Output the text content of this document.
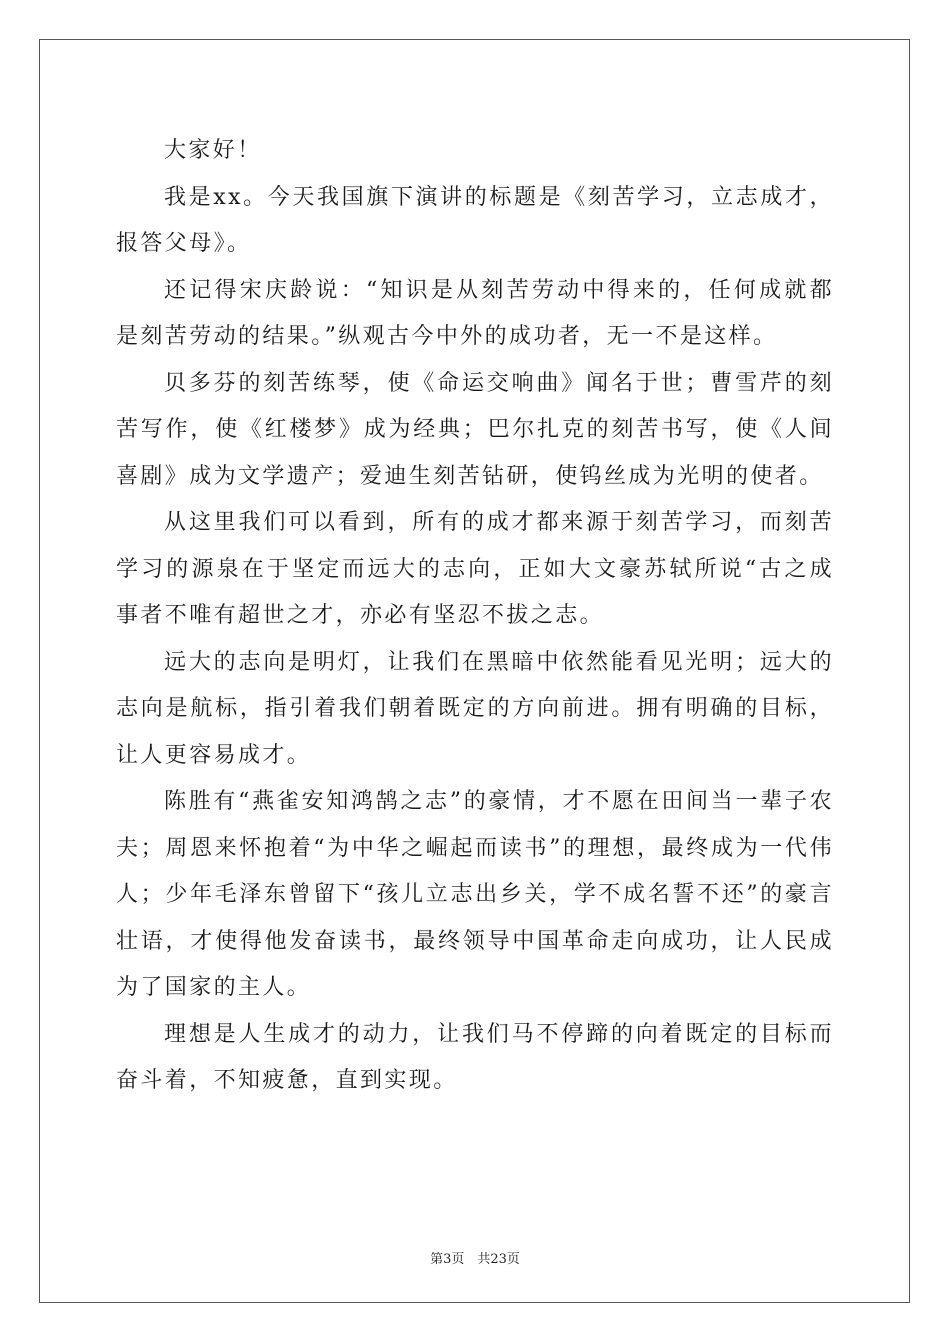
大家好！

我是xx。今天我国旗下演讲的标题是《刻苦学习，立志成才，报答父母》。

还记得宋庆龄说：“知识是从刻苦劳动中得来的，任何成就都是刻苦劳动的结果。”纵观古今中外的成功者，无一不是这样。

贝多芬的刻苦练琴，使《命运交响曲》闻名于世；曹雪芹的刻苦写作，使《红楼梦》成为经典；巴尔扎克的刻苦书写，使《人间喜剧》成为文学遗产；爱迪生刻苦钻研，使钨丝成为光明的使者。

从这里我们可以看到，所有的成才都来源于刻苦学习，而刻苦学习的源泉在于坚定而远大的志向，正如大文豪苏轼所说“古之成事者不唯有超世之才，亦必有坚忍不拔之志。

远大的志向是明灯，让我们在黑暗中依然能看见光明；远大的志向是航标，指引着我们朝着既定的方向前进。拥有明确的目标，让人更容易成才。

陈胜有“燕雀安知鸿鹄之志”的豪情，才不愿在田间当一辈子农夫；周恩来怀抱着“为中华之崛起而读书”的理想，最终成为一代伟人；少年毛泽东曾留下“孩儿立志出乡关，学不成名誓不还”的豪言壮语，才使得他发奋读书，最终领导中国革命走向成功，让人民成为了国家的主人。

理想是人生成才的动力，让我们马不停蹄的向着既定的目标而奋斗着，不知疲惫，直到实现。

第3页　共23页
